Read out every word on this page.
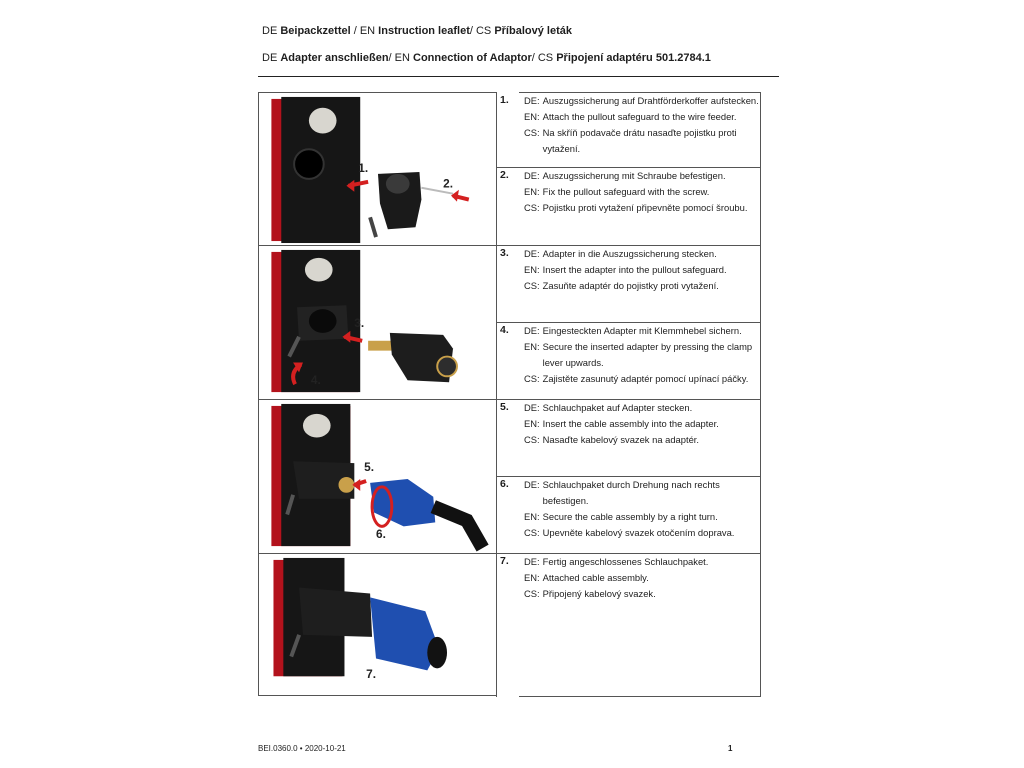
DE Beipackzettel / EN Instruction leaflet/ CS Příbalový leták
DE Adapter anschließen/ EN Connection of Adaptor/ CS Připojení adaptéru 501.2784.1
1.
2.
3.
4.
5.
6.
7.
1. DE: Auszugssicherung auf Drahtförderkoffer aufstecken.
EN: Attach the pullout safeguard to the wire feeder.
CS: Na skříň podavače drátu nasaďte pojistku proti vytažení.
2. DE: Auszugssicherung mit Schraube befestigen.
EN: Fix the pullout safeguard with the screw.
CS: Pojistku proti vytažení připevněte pomocí šroubu.
3. DE: Adapter in die Auszugssicherung stecken.
EN: Insert the adapter into the pullout safeguard.
CS: Zasuňte adaptér do pojistky proti vytažení.
4. DE: Eingesteckten Adapter mit Klemmhebel sichern.
EN: Secure the inserted adapter by pressing the clamp lever upwards.
CS: Zajistěte zasunutý adaptér pomocí upínací páčky.
5. DE: Schlauchpaket auf Adapter stecken.
EN: Insert the cable assembly into the adapter.
CS: Nasaďte kabelový svazek na adaptér.
6. DE: Schlauchpaket durch Drehung nach rechts befestigen.
EN: Secure the cable assembly by a right turn.
CS: Upevněte kabelový svazek otočením doprava.
7. DE: Fertig angeschlossenes Schlauchpaket.
EN: Attached cable assembly.
CS: Připojený kabelový svazek.
BEI.0360.0 • 2020-10-21	1
